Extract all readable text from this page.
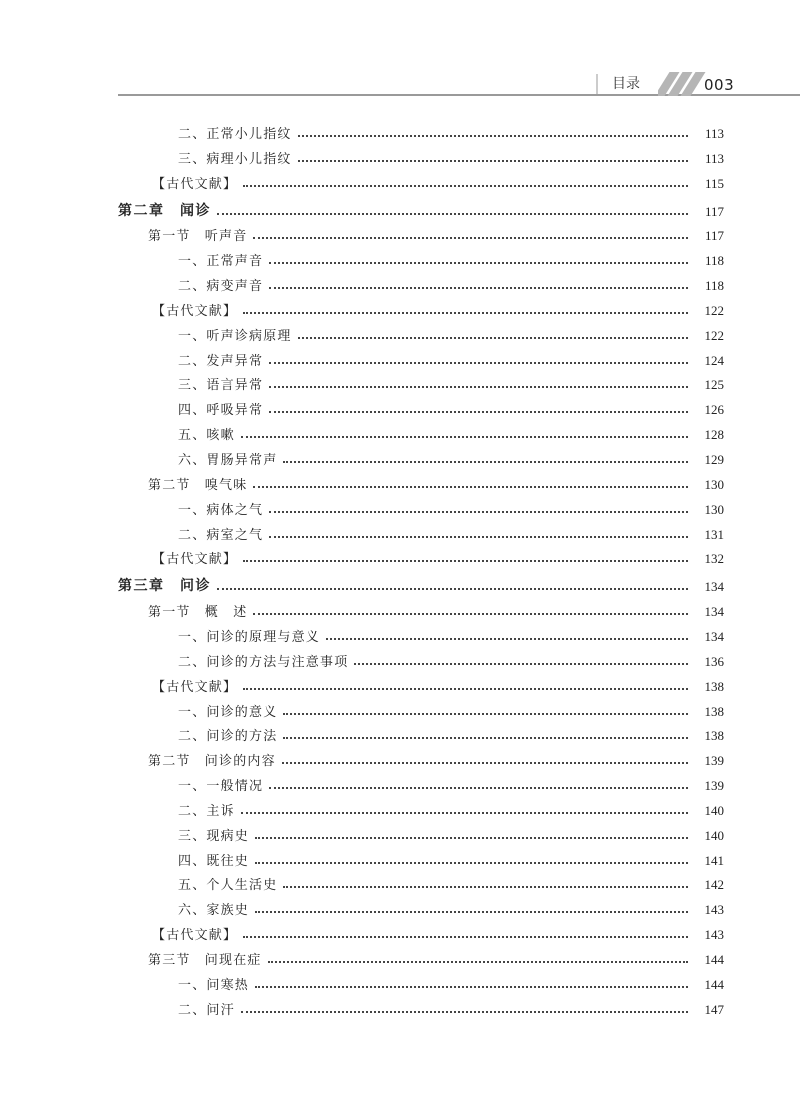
目录	003
二、正常小儿指纹	113
三、病理小儿指纹	113
【古代文献】	115
第二章　闻诊	117
第一节　听声音	117
一、正常声音	118
二、病变声音	118
【古代文献】	122
一、听声诊病原理	122
二、发声异常	124
三、语言异常	125
四、呼吸异常	126
五、咳嗽	128
六、胃肠异常声	129
第二节　嗅气味	130
一、病体之气	130
二、病室之气	131
【古代文献】	132
第三章　问诊	134
第一节　概　述	134
一、问诊的原理与意义	134
二、问诊的方法与注意事项	136
【古代文献】	138
一、问诊的意义	138
二、问诊的方法	138
第二节　问诊的内容	139
一、一般情况	139
二、主诉	140
三、现病史	140
四、既往史	141
五、个人生活史	142
六、家族史	143
【古代文献】	143
第三节　问现在症	144
一、问寒热	144
二、问汗	147
